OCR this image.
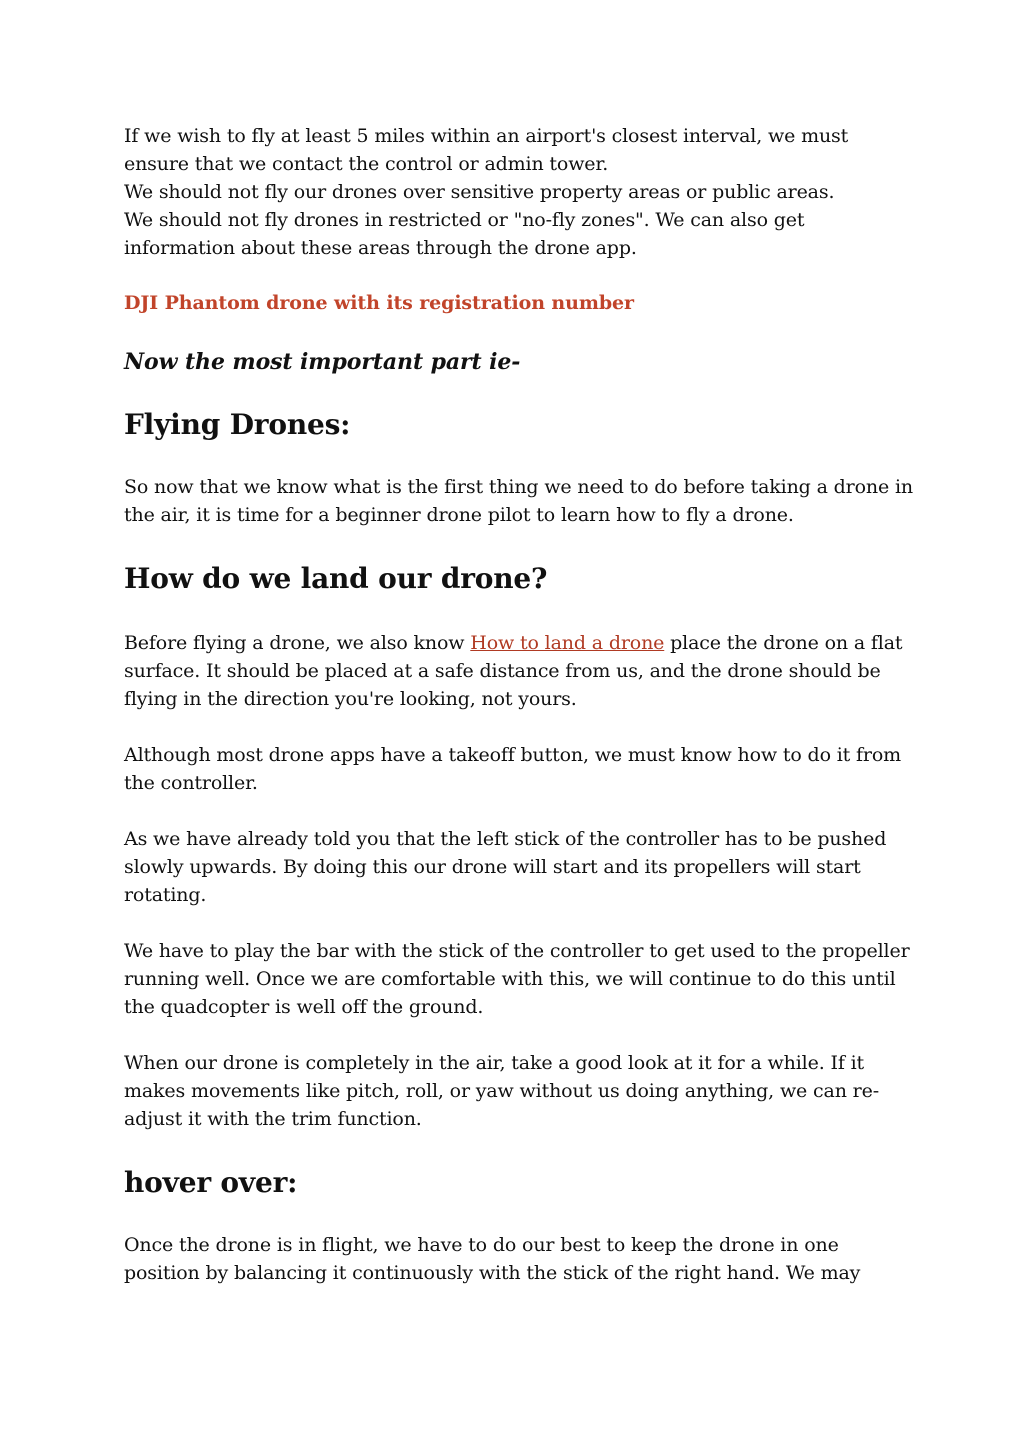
If we wish to fly at least 5 miles within an airport's closest interval, we must
ensure that we contact the control or admin tower.
We should not fly our drones over sensitive property areas or public areas.
We should not fly drones in restricted or "no-fly zones". We can also get
information about these areas through the drone app.

DJI Phantom drone with its registration number
Now the most important part ie-
Flying Drones:

So now that we know what is the first thing we need to do before taking a drone in
the air, it is time for a beginner drone pilot to learn how to fly a drone.

How do we land our drone?

Before flying a drone, we also know How to land a drone place the drone on a flat
surface. It should be placed at a safe distance from us, and the drone should be
flying in the direction you're looking, not yours.

Although most drone apps have a takeoff button, we must know how to do it from
the controller.

As we have already told you that the left stick of the controller has to be pushed
slowly upwards. By doing this our drone will start and its propellers will start
rotating.

We have to play the bar with the stick of the controller to get used to the propeller
running well. Once we are comfortable with this, we will continue to do this until
the quadcopter is well off the ground.

When our drone is completely in the air, take a good look at it for a while. If it
makes movements like pitch, roll, or yaw without us doing anything, we can re-
adjust it with the trim function.

hover over:

Once the drone is in flight, we have to do our best to keep the drone in one
position by balancing it continuously with the stick of the right hand. We may
